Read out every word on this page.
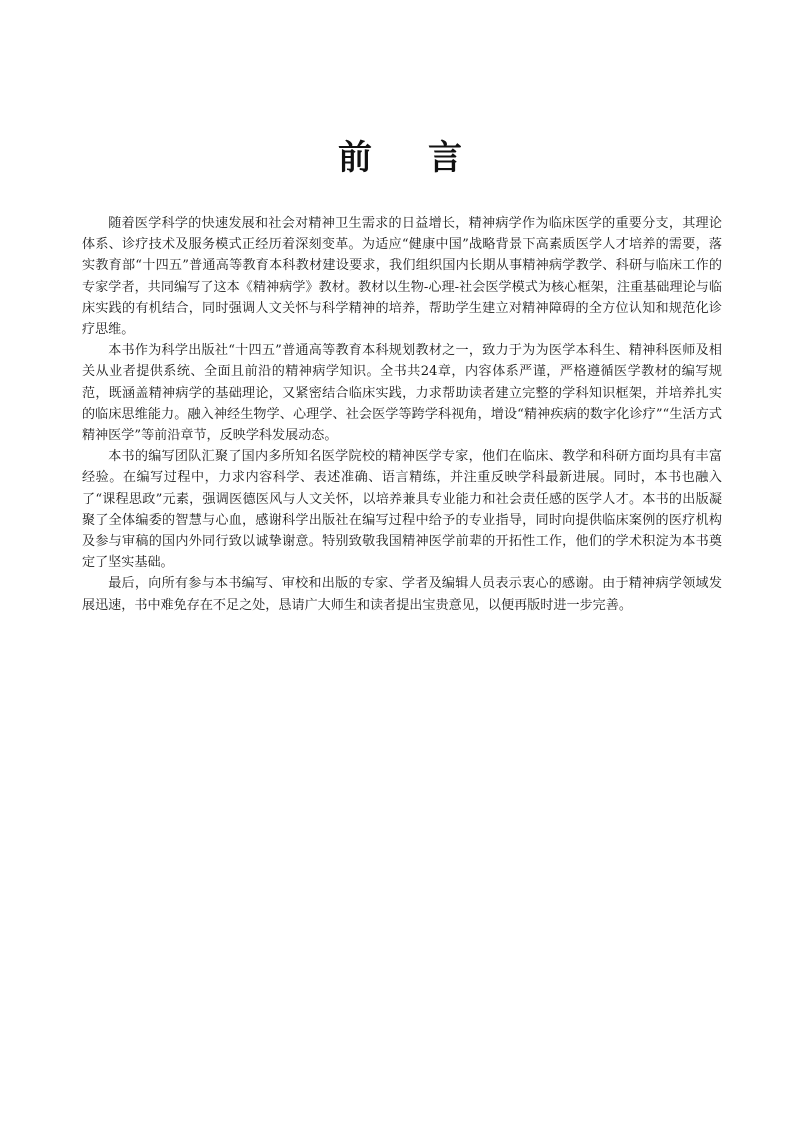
前 言

随着医学科学的快速发展和社会对精神卫生需求的日益增长，精神病学作为临床医学的重要分支，其理论体系、诊疗技术及服务模式正经历着深刻变革。为适应“健康中国”战略背景下高素质医学人才培养的需要，落实教育部“十四五”普通高等教育本科教材建设要求，我们组织国内长期从事精神病学教学、科研与临床工作的专家学者，共同编写了这本《精神病学》教材。教材以生物-心理-社会医学模式为核心框架，注重基础理论与临床实践的有机结合，同时强调人文关怀与科学精神的培养，帮助学生建立对精神障碍的全方位认知和规范化诊疗思维。

本书作为科学出版社“十四五”普通高等教育本科规划教材之一，致力于为为医学本科生、精神科医师及相关从业者提供系统、全面且前沿的精神病学知识。全书共24章，内容体系严谨，严格遵循医学教材的编写规范，既涵盖精神病学的基础理论，又紧密结合临床实践，力求帮助读者建立完整的学科知识框架，并培养扎实的临床思维能力。融入神经生物学、心理学、社会医学等跨学科视角，增设“精神疾病的数字化诊疗”“生活方式精神医学”等前沿章节，反映学科发展动态。

本书的编写团队汇聚了国内多所知名医学院校的精神医学专家，他们在临床、教学和科研方面均具有丰富经验。在编写过程中，力求内容科学、表述准确、语言精练，并注重反映学科最新进展。同时，本书也融入了“课程思政”元素，强调医德医风与人文关怀，以培养兼具专业能力和社会责任感的医学人才。本书的出版凝聚了全体编委的智慧与心血，感谢科学出版社在编写过程中给予的专业指导，同时向提供临床案例的医疗机构及参与审稿的国内外同行致以诚挚谢意。特别致敬我国精神医学前辈的开拓性工作，他们的学术积淀为本书奠定了坚实基础。

最后，向所有参与本书编写、审校和出版的专家、学者及编辑人员表示衷心的感谢。由于精神病学领域发展迅速，书中难免存在不足之处，恳请广大师生和读者提出宝贵意见，以便再版时进一步完善。
